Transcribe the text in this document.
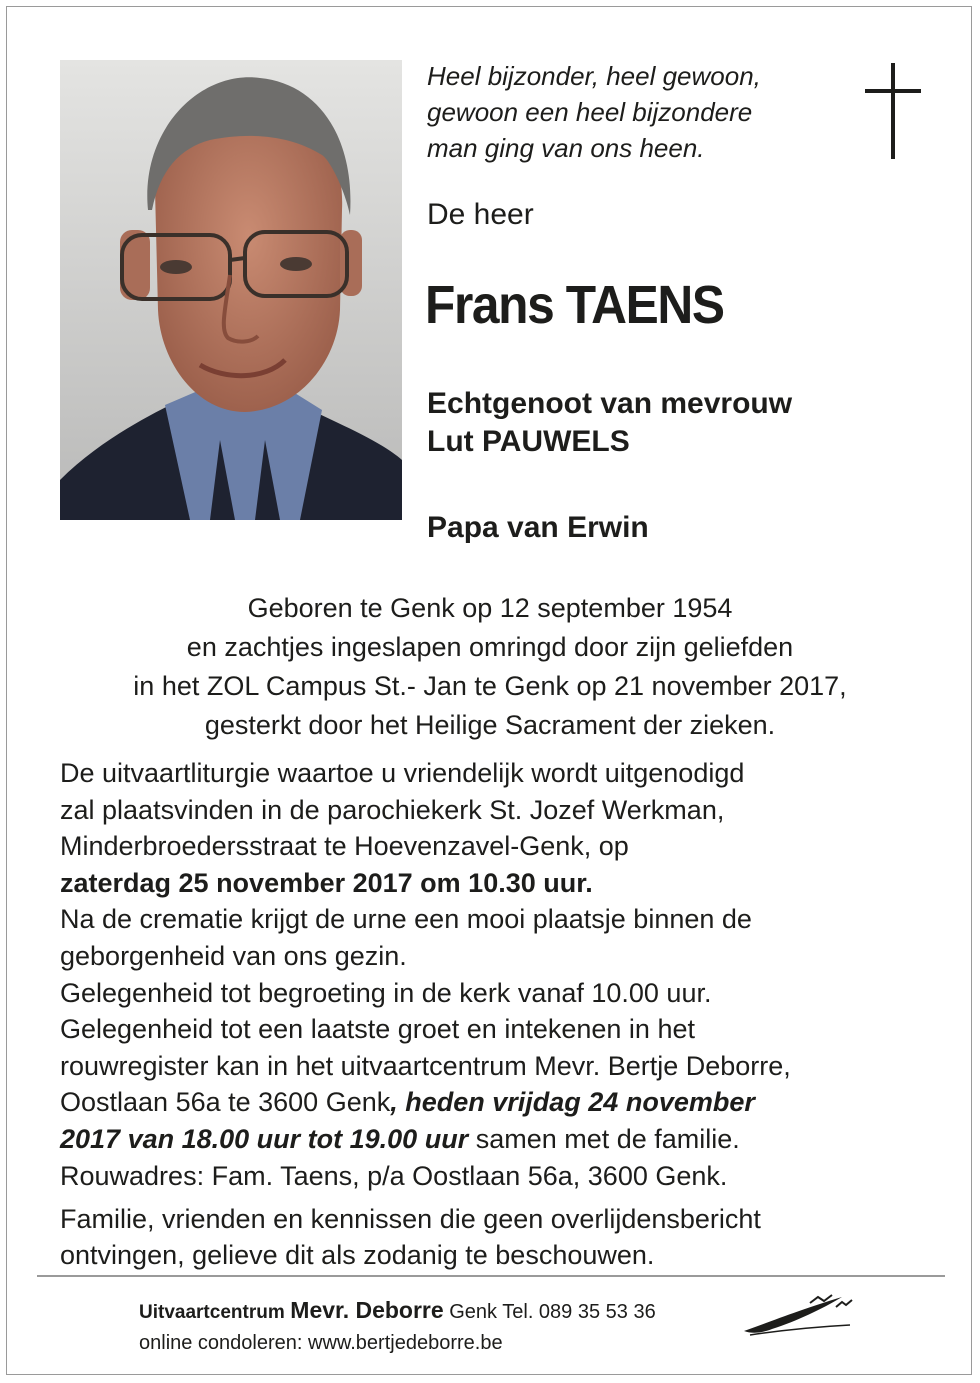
Heel bijzonder, heel gewoon,
gewoon een heel bijzondere
man ging van ons heen.
De heer
Frans TAENS
Echtgenoot van mevrouw
Lut PAUWELS
Papa van Erwin
Geboren te Genk op 12 september 1954
en zachtjes ingeslapen omringd door zijn geliefden
in het ZOL Campus St.- Jan te Genk op 21 november 2017,
gesterkt door het Heilige Sacrament der zieken.
De uitvaartliturgie waartoe u vriendelijk wordt uitgenodigd
zal plaatsvinden in de parochiekerk St. Jozef Werkman,
Minderbroedersstraat te Hoevenzavel-Genk, op
zaterdag 25 november 2017 om 10.30 uur.
Na de crematie krijgt de urne een mooi plaatsje binnen de
geborgenheid van ons gezin.
Gelegenheid tot begroeting in de kerk vanaf 10.00 uur.
Gelegenheid tot een laatste groet en intekenen in het
rouwregister kan in het uitvaartcentrum Mevr. Bertje Deborre,
Oostlaan 56a te 3600 Genk, heden vrijdag 24 november
2017 van 18.00 uur tot 19.00 uur samen met de familie.
Rouwadres: Fam. Taens, p/a Oostlaan 56a, 3600 Genk.
Familie, vrienden en kennissen die geen overlijdensbericht
ontvingen, gelieve dit als zodanig te beschouwen.
Uitvaartcentrum Mevr. Deborre Genk Tel. 089 35 53 36
online condoleren: www.bertjedeborre.be
